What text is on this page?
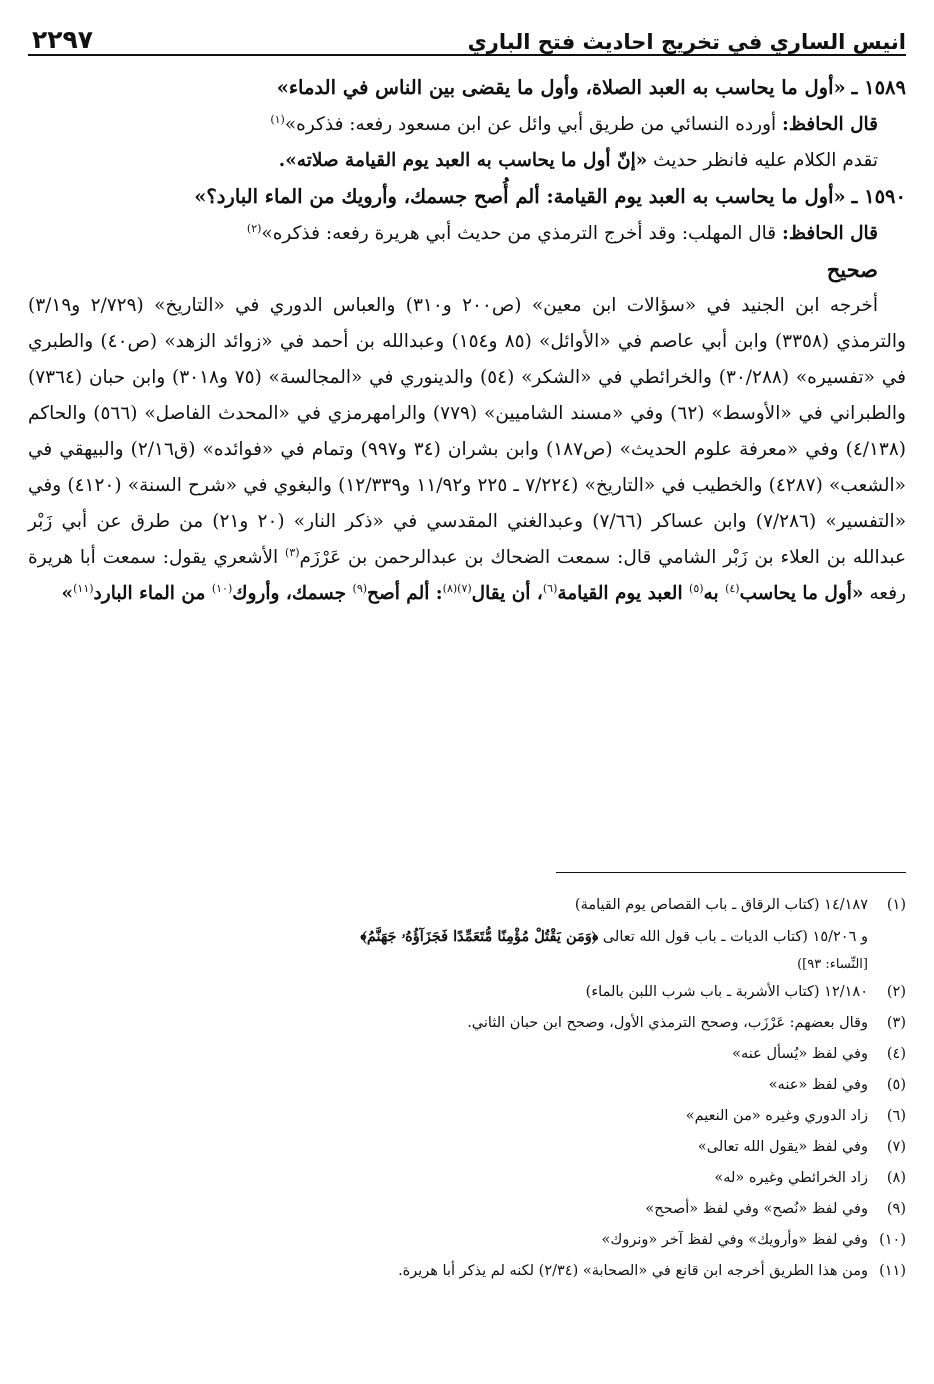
انيس الساري في تخريج احاديث فتح الباري
٢٢٩٧

١٥٨٩ ـ «أول ما يحاسب به العبد الصلاة، وأول ما يقضى بين الناس في الدماء»

قال الحافظ: أورده النسائي من طريق أبي وائل عن ابن مسعود رفعه: فذكره»$^{(١)}$

تقدم الكلام عليه فانظر حديث «إنّ أول ما يحاسب به العبد يوم القيامة صلاته».

١٥٩٠ ـ «أول ما يحاسب به العبد يوم القيامة: ألم أُصح جسمك، وأرويك من الماء البارد؟»

قال الحافظ: قال المهلب: وقد أخرج الترمذي من حديث أبي هريرة رفعه: فذكره»$^{(٢)}$

صحيح

أخرجه ابن الجنيد في «سؤالات ابن معين» (ص٢٠٠ و٣١٠) والعباس الدوري في «التاريخ» (٢/٧٢٩ و٣/١٩) والترمذي (٣٣٥٨) وابن أبي عاصم في «الأوائل» (٨٥ و١٥٤) وعبدالله بن أحمد في «زوائد الزهد» (ص٤٠) والطبري في «تفسيره» (٣٠/٢٨٨) والخرائطي في «الشكر» (٥٤) والدينوري في «المجالسة» (٧٥ و٣٠١٨) وابن حبان (٧٣٦٤) والطبراني في «الأوسط» (٦٢) وفي «مسند الشاميين» (٧٧٩) والرامهرمزي في «المحدث الفاصل» (٥٦٦) والحاكم (٤/١٣٨) وفي «معرفة علوم الحديث» (ص١٨٧) وابن بشران (٣٤ و٩٩٧) وتمام في «فوائده» (ق٢/١٦) والبيهقي في «الشعب» (٤٢٨٧) والخطيب في «التاريخ» (٧/٢٢٤ ـ ٢٢٥ و١١/٩٢ و١٢/٣٣٩) والبغوي في «شرح السنة» (٤١٢٠) وفي «التفسير» (٧/٢٨٦) وابن عساكر (٧/٦٦) وعبدالغني المقدسي في «ذكر النار» (٢٠ و٢١) من طرق عن أبي زَبْر عبدالله بن العلاء بن زَبْر الشامي قال: سمعت الضحاك بن عبدالرحمن بن عَرْزَم$^{(٣)}$ الأشعري يقول: سمعت أبا هريرة رفعه «أول ما يحاسب$^{(٤)}$ به$^{(٥)}$ العبد يوم القيامة$^{(٦)}$، أن يقال$^{(٧)(٨)}$: ألم أصح$^{(٩)}$ جسمك، وأروك$^{(١٠)}$ من الماء البارد$^{(١١)}$»

(١)
١٤/١٨٧ (كتاب الرقاق ـ باب القصاص يوم القيامة)
و ١٥/٢٠٦ (كتاب الديات ـ باب قول الله تعالى ﴿وَمَن يَقْتُلْ مُؤْمِنًا مُّتَعَمِّدًا فَجَزَآؤُهُۥ جَهَنَّمُ﴾
[النِّساء: ٩٣])
(٢)
١٢/١٨٠ (كتاب الأشربة ـ باب شرب اللبن بالماء)
(٣)
وقال بعضهم: عَرْزَب، وصحح الترمذي الأول، وصحح ابن حبان الثاني.
(٤)
وفي لفظ «يُسأل عنه»
(٥)
وفي لفظ «عنه»
(٦)
زاد الدوري وغيره «من النعيم»
(٧)
وفي لفظ «يقول الله تعالى»
(٨)
زاد الخرائطي وغيره «له»
(٩)
وفي لفظ «نُصح» وفي لفظ «أصحح»
(١٠)
وفي لفظ «وأرويك» وفي لفظ آخر «ونروك»
(١١)
ومن هذا الطريق أخرجه ابن قانع في «الصحابة» (٢/٣٤) لكنه لم يذكر أبا هريرة.
